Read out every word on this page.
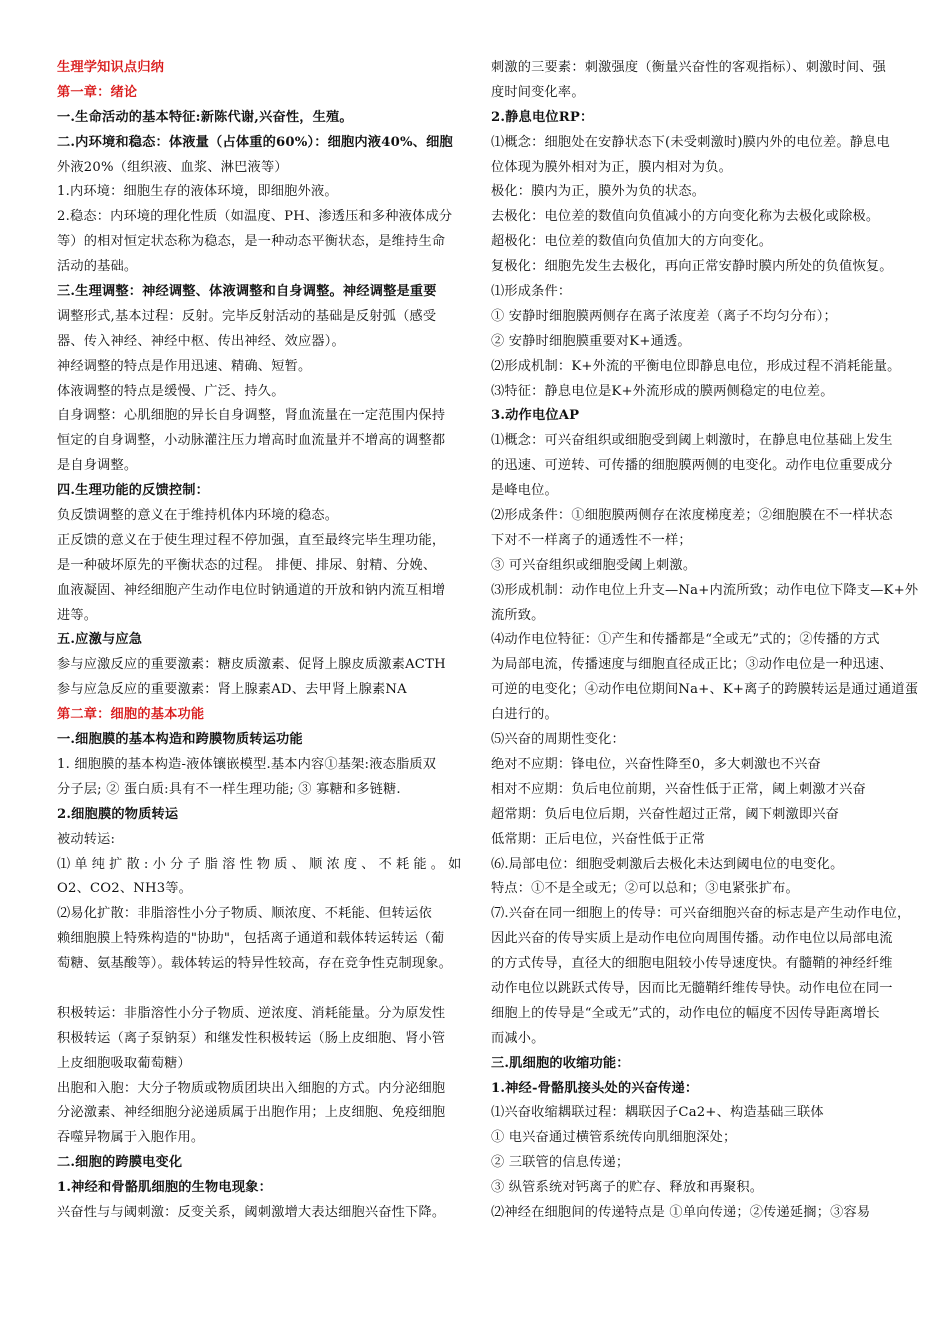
生理学知识点归纳
第一章：绪论
一.生命活动的基本特征:新陈代谢,兴奋性，生殖。
二.内环境和稳态：体液量（占体重的60%）：细胞内液40%、细胞
外液20%（组织液、血浆、淋巴液等）
1.内环境：细胞生存的液体环境，即细胞外液。
2.稳态：内环境的理化性质（如温度、PH、渗透压和多种液体成分
等）的相对恒定状态称为稳态，是一种动态平衡状态，是维持生命
活动的基础。
三.生理调整：神经调整、体液调整和自身调整。神经调整是重要
调整形式,基本过程：反射。完毕反射活动的基础是反射弧（感受
器、传入神经、神经中枢、传出神经、效应器）。
神经调整的特点是作用迅速、精确、短暂。
体液调整的特点是缓慢、广泛、持久。
自身调整：心肌细胞的异长自身调整，肾血流量在一定范围内保持
恒定的自身调整，小动脉灌注压力增高时血流量并不增高的调整都
是自身调整。
四.生理功能的反馈控制：
负反馈调整的意义在于维持机体内环境的稳态。
正反馈的意义在于使生理过程不停加强，直至最终完毕生理功能，
是一种破坏原先的平衡状态的过程。 排便、排尿、射精、分娩、
血液凝固、神经细胞产生动作电位时钠通道的开放和钠内流互相增
进等。
五.应激与应急
参与应激反应的重要激素：糖皮质激素、促肾上腺皮质激素ACTH
参与应急反应的重要激素：肾上腺素AD、去甲肾上腺素NA
第二章：细胞的基本功能
一.细胞膜的基本构造和跨膜物质转运功能
1. 细胞膜的基本构造-液体镶嵌模型.基本内容①基架:液态脂质双
分子层; ② 蛋白质:具有不一样生理功能; ③ 寡糖和多链糖.
2.细胞膜的物质转运
被动转运:
⑴单纯扩散:小分子脂溶性物质、顺浓度、不耗能。如
O2、CO2、NH3等。
⑵易化扩散：非脂溶性小分子物质、顺浓度、不耗能、但转运依
赖细胞膜上特殊构造的"协助"，包括离子通道和载体转运转运（葡
萄糖、氨基酸等）。载体转运的特异性较高，存在竞争性克制现象。
积极转运：非脂溶性小分子物质、逆浓度、消耗能量。分为原发性
积极转运（离子泵钠泵）和继发性积极转运（肠上皮细胞、肾小管
上皮细胞吸取葡萄糖）
出胞和入胞：大分子物质或物质团块出入细胞的方式。内分泌细胞
分泌激素、神经细胞分泌递质属于出胞作用；上皮细胞、免疫细胞
吞噬异物属于入胞作用。
二.细胞的跨膜电变化
1.神经和骨骼肌细胞的生物电现象：
兴奋性与与阈刺激：反变关系，阈刺激增大表达细胞兴奋性下降。
刺激的三要素：刺激强度（衡量兴奋性的客观指标）、刺激时间、强
度时间变化率。
2.静息电位RP：
⑴概念：细胞处在安静状态下(未受刺激时)膜内外的电位差。静息电
位体现为膜外相对为正，膜内相对为负。
极化：膜内为正，膜外为负的状态。
去极化：电位差的数值向负值减小的方向变化称为去极化或除极。
超极化：电位差的数值向负值加大的方向变化。
复极化：细胞先发生去极化，再向正常安静时膜内所处的负值恢复。
⑴形成条件：
① 安静时细胞膜两侧存在离子浓度差（离子不均匀分布）；
② 安静时细胞膜重要对K+通透。
⑵形成机制：K+外流的平衡电位即静息电位，形成过程不消耗能量。
⑶特征：静息电位是K+外流形成的膜两侧稳定的电位差。
3.动作电位AP
⑴概念：可兴奋组织或细胞受到阈上刺激时，在静息电位基础上发生
的迅速、可逆转、可传播的细胞膜两侧的电变化。动作电位重要成分
是峰电位。
⑵形成条件：①细胞膜两侧存在浓度梯度差；②细胞膜在不一样状态
下对不一样离子的通透性不一样；
③ 可兴奋组织或细胞受阈上刺激。
⑶形成机制：动作电位上升支—Na+内流所致；动作电位下降支—K+外
流所致。
⑷动作电位特征：①产生和传播都是“全或无”式的；②传播的方式
为局部电流，传播速度与细胞直径成正比；③动作电位是一种迅速、
可逆的电变化；④动作电位期间Na+、K+离子的跨膜转运是通过通道蛋
白进行的。
⑸兴奋的周期性变化：
绝对不应期：锋电位，兴奋性降至0，多大刺激也不兴奋
相对不应期：负后电位前期，兴奋性低于正常，阈上刺激才兴奋
超常期：负后电位后期，兴奋性超过正常，阈下刺激即兴奋
低常期：正后电位，兴奋性低于正常
⑹.局部电位：细胞受刺激后去极化未达到阈电位的电变化。
特点：①不是全或无；②可以总和；③电紧张扩布。
⑺.兴奋在同一细胞上的传导：可兴奋细胞兴奋的标志是产生动作电位，
因此兴奋的传导实质上是动作电位向周围传播。动作电位以局部电流
的方式传导，直径大的细胞电阻较小传导速度快。有髓鞘的神经纤维
动作电位以跳跃式传导，因而比无髓鞘纤维传导快。动作电位在同一
细胞上的传导是“全或无”式的，动作电位的幅度不因传导距离增长
而减小。
三.肌细胞的收缩功能：
1.神经-骨骼肌接头处的兴奋传递：
⑴兴奋收缩耦联过程：耦联因子Ca2+、构造基础三联体
① 电兴奋通过横管系统传向肌细胞深处；
② 三联管的信息传递；
③ 纵管系统对钙离子的贮存、释放和再聚积。
⑵神经在细胞间的传递特点是 ①单向传递；②传递延搁；③容易
